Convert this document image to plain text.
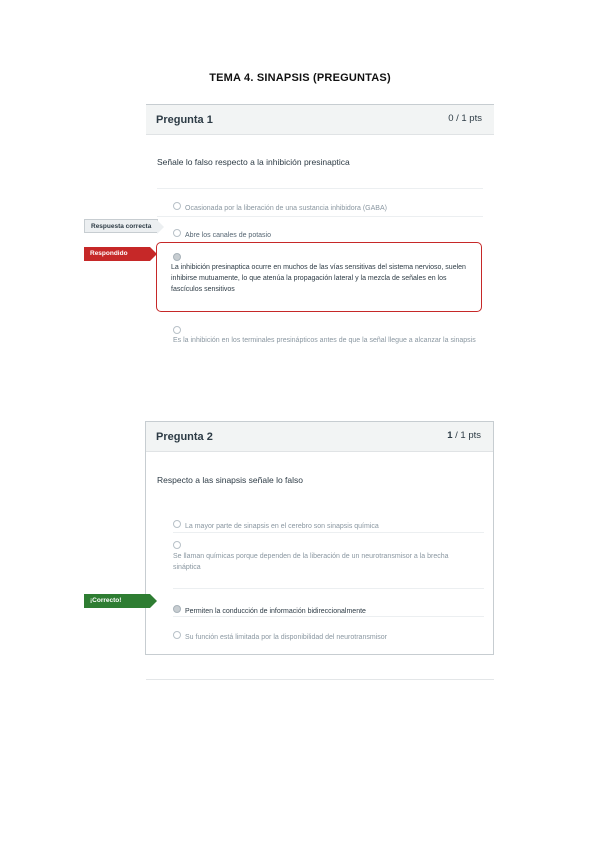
TEMA 4. SINAPSIS (PREGUNTAS)
Pregunta 1	0 / 1 pts
Señale lo falso respecto a la inhibición presinaptica
Ocasionada por la liberación de una sustancia inhibidora (GABA)
Abre los canales de potasio
La inhibición presinaptica ocurre en muchos de las vías sensitivas del sistema nervioso, suelen inhibirse mutuamente, lo que atenúa la propagación lateral y la mezcla de señales en los fascículos sensitivos
Es la inhibición en los terminales presinápticos antes de que la señal llegue a alcanzar la sinapsis
Respuesta correcta
Respondido
Pregunta 2	1 / 1 pts
Respecto a las sinapsis señale lo falso
La mayor parte de sinapsis en el cerebro son sinapsis química
Se llaman químicas porque dependen de la liberación de un neurotransmisor a la brecha sináptica
Permiten la conducción de información bidireccionalmente
Su función está limitada por la disponibilidad del neurotransmisor
¡Correcto!
